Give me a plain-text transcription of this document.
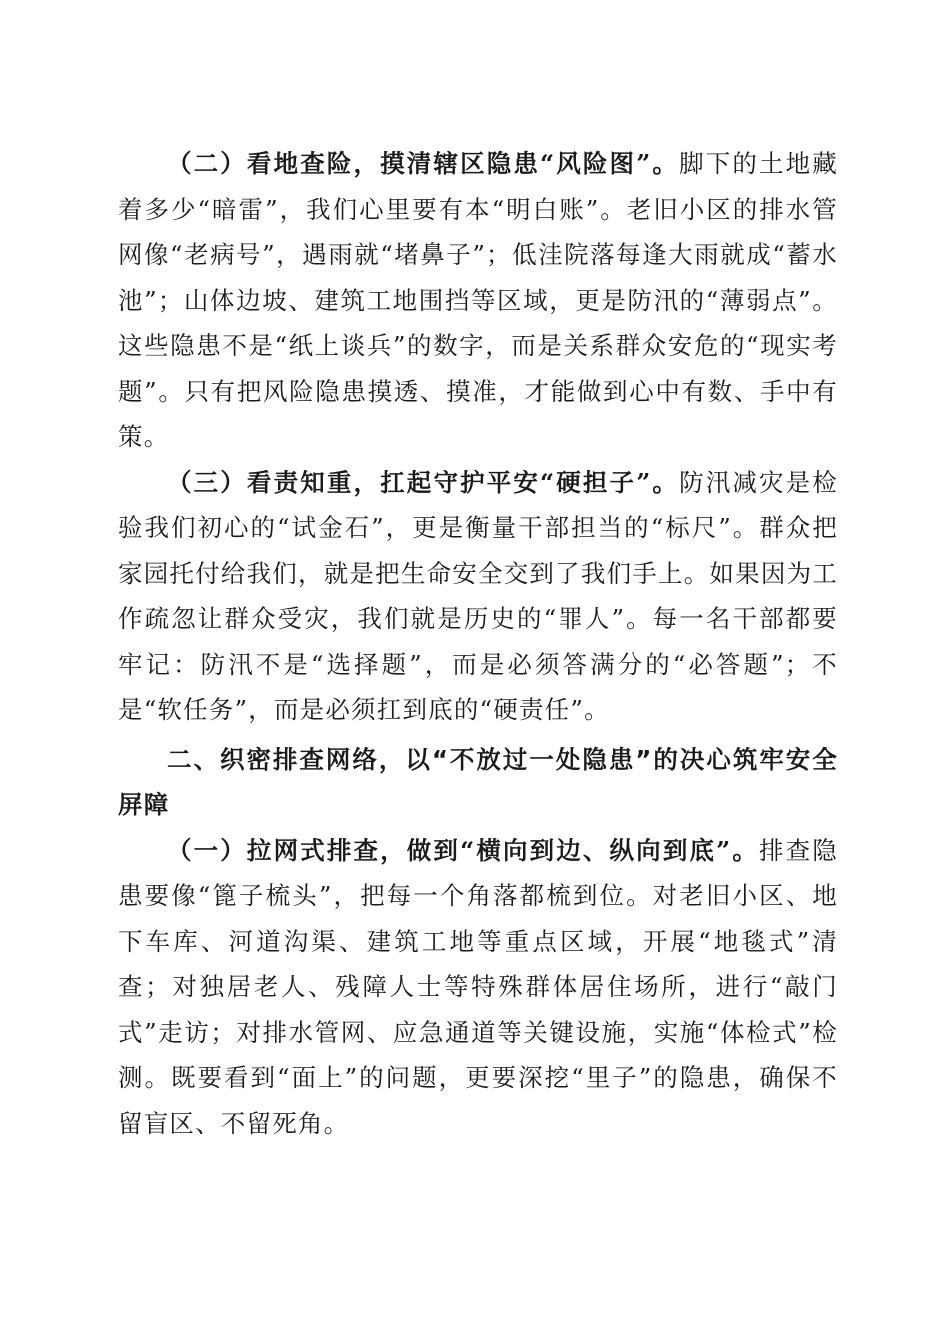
（二）看地查险，摸清辖区隐患“风险图”。脚下的土地藏着多少“暗雷”，我们心里要有本“明白账”。老旧小区的排水管网像“老病号”，遇雨就“堵鼻子”；低洼院落每逢大雨就成“蓄水池”；山体边坡、建筑工地围挡等区域，更是防汛的“薄弱点”。这些隐患不是“纸上谈兵”的数字，而是关系群众安危的“现实考题”。只有把风险隐患摸透、摸准，才能做到心中有数、手中有策。

（三）看责知重，扛起守护平安“硬担子”。防汛减灾是检验我们初心的“试金石”，更是衡量干部担当的“标尺”。群众把家园托付给我们，就是把生命安全交到了我们手上。如果因为工作疏忽让群众受灾，我们就是历史的“罪人”。每一名干部都要牢记：防汛不是“选择题”，而是必须答满分的“必答题”；不是“软任务”，而是必须扛到底的“硬责任”。

二、织密排查网络，以“不放过一处隐患”的决心筑牢安全屏障

（一）拉网式排查，做到“横向到边、纵向到底”。排查隐患要像“篦子梳头”，把每一个角落都梳到位。对老旧小区、地下车库、河道沟渠、建筑工地等重点区域，开展“地毯式”清查；对独居老人、残障人士等特殊群体居住场所，进行“敲门式”走访；对排水管网、应急通道等关键设施，实施“体检式”检测。既要看到“面上”的问题，更要深挖“里子”的隐患，确保不留盲区、不留死角。
